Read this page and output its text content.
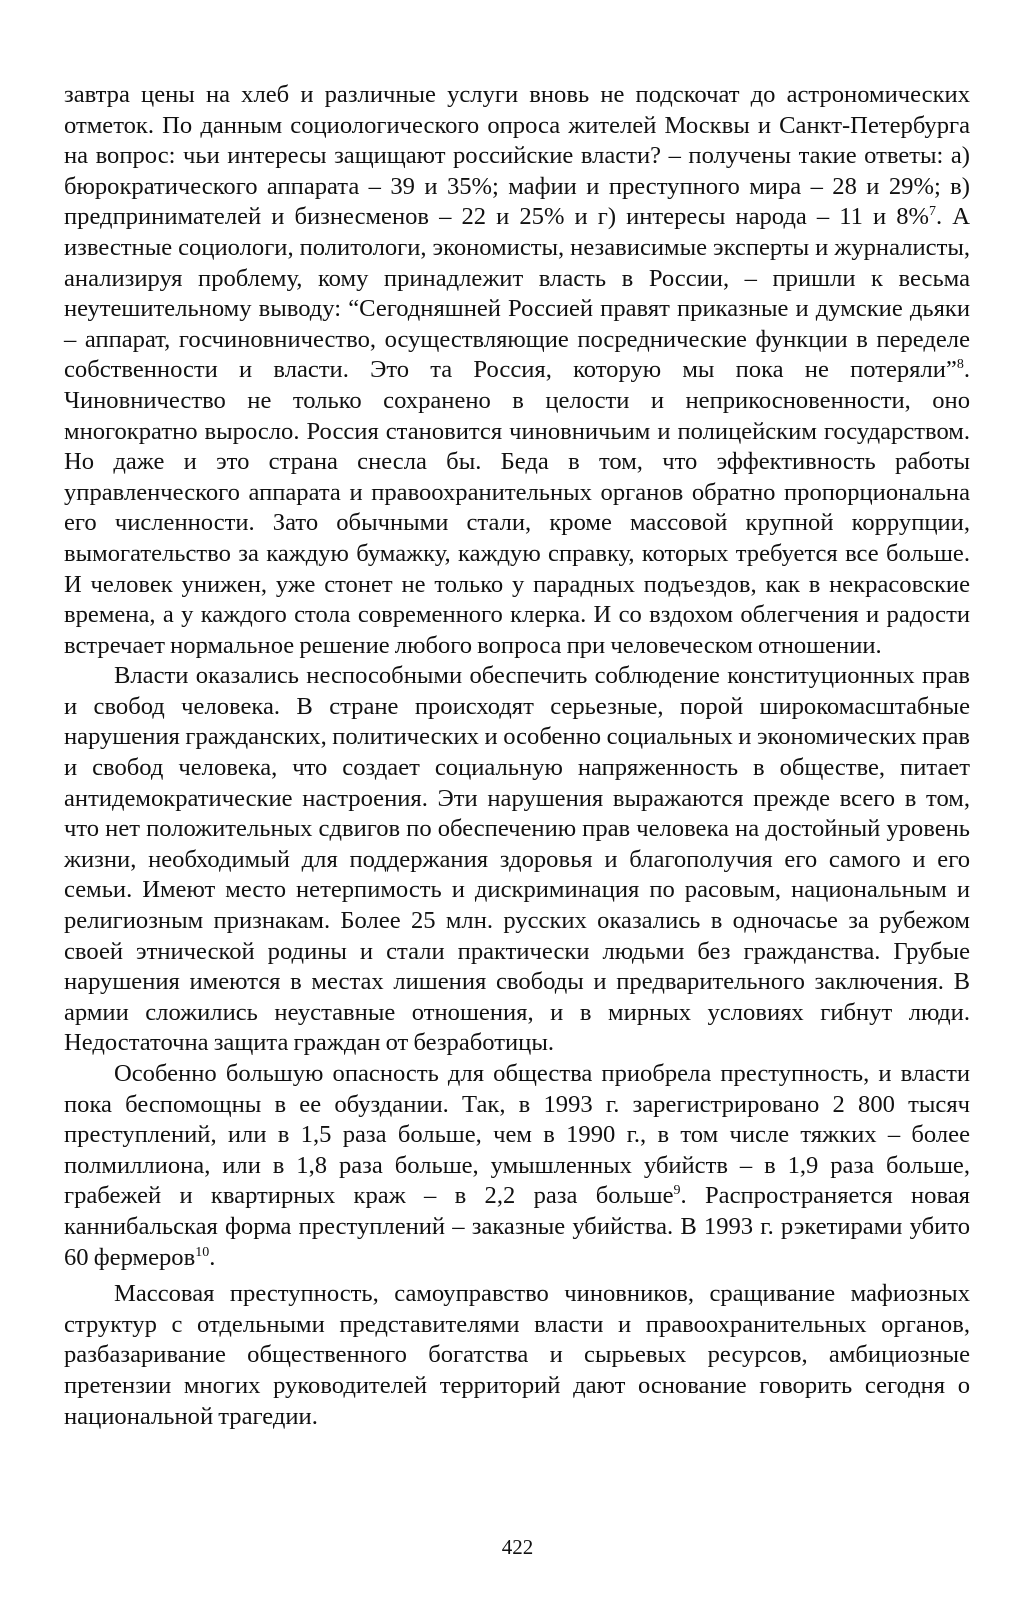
завтра цены на хлеб и различные услуги вновь не подскочат до астрономических отметок. По данным социологического опроса жителей Москвы и Санкт-Петербурга на вопрос: чьи интересы защищают российские власти? – получены такие ответы: а) бюрократического аппарата – 39 и 35%; мафии и преступного мира – 28 и 29%; в) предпринимателей и бизнесменов – 22 и 25% и г) интересы народа – 11 и 8%$^7$. А известные социологи, политологи, экономисты, независимые эксперты и журналисты, анализируя проблему, кому принадлежит власть в России, – пришли к весьма неутешительному выводу: “Сегодняшней Россией правят приказные и думские дьяки – аппарат, госчиновничество, осуществляющие посреднические функции в переделе собственности и власти. Это та Россия, которую мы пока не потеряли”$^8$. Чиновничество не только сохранено в целости и неприкосновенности, оно многократно выросло. Россия становится чиновничьим и полицейским государством. Но даже и это страна снесла бы. Беда в том, что эффективность работы управленческого аппарата и правоохранительных органов обратно пропорциональна его численности. Зато обычными стали, кроме массовой крупной коррупции, вымогательство за каждую бумажку, каждую справку, которых требуется все больше. И человек унижен, уже стонет не только у парадных подъездов, как в некрасовские времена, а у каждого стола современного клерка. И со вздохом облегчения и радости встречает нормальное решение любого вопроса при человеческом отношении.

Власти оказались неспособными обеспечить соблюдение конституционных прав и свобод человека. В стране происходят серьезные, порой широкомасштабные нарушения гражданских, политических и особенно социальных и экономических прав и свобод человека, что создает социальную напряженность в обществе, питает антидемократические настроения. Эти нарушения выражаются прежде всего в том, что нет положительных сдвигов по обеспечению прав человека на достойный уровень жизни, необходимый для поддержания здоровья и благополучия его самого и его семьи. Имеют место нетерпимость и дискриминация по расовым, национальным и религиозным признакам. Более 25 млн. русских оказались в одночасье за рубежом своей этнической родины и стали практически людьми без гражданства. Грубые нарушения имеются в местах лишения свободы и предварительного заключения. В армии сложились неуставные отношения, и в мирных условиях гибнут люди. Недостаточна защита граждан от безработицы.

Особенно большую опасность для общества приобрела преступность, и власти пока беспомощны в ее обуздании. Так, в 1993 г. зарегистрировано 2 800 тысяч преступлений, или в 1,5 раза больше, чем в 1990 г., в том числе тяжких – более полмиллиона, или в 1,8 раза больше, умышленных убийств – в 1,9 раза больше, грабежей и квартирных краж – в 2,2 раза больше$^9$. Распространяется новая каннибальская форма преступлений – заказные убийства. В 1993 г. рэкетирами убито 60 фермеров$^{10}$.

Массовая преступность, самоуправство чиновников, сращивание мафиозных структур с отдельными представителями власти и правоохранительных органов, разбазаривание общественного богатства и сырьевых ресурсов, амбициозные претензии многих руководителей территорий дают основание говорить сегодня о национальной трагедии.

422
